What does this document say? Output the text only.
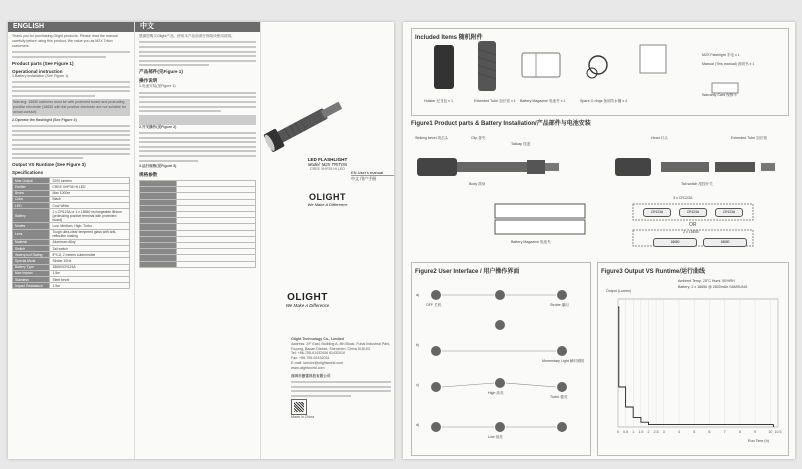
ENGLISH
Thank you for purchasing Olight products. Please read the manual carefully before using this product. We value you as M2X Triton customers.
Product parts (See Figure 1)
Operational instruction
1.Battery installation (See Figure 1)
Warning: 18650 batteries must be with protected board and protruding positive electrode (18650 with flat positive electrode are not suitable for actual contact).
2.Operate the flashlight (See Figure 2)
Output VS Runtime (See Figure 3)
Specifications
Max Output	2200 lumens
Emitter	CREE XHP35 HI LED
Beam	Max 1000m
Color	Black
LED	Cool White
Battery	2 x CR123A or 1 x 18650 rechargeable lithium (protruding positive terminal with protected board)
Modes	Low, Medium, High, Turbo
Lens	Tough ultra-clear tempered glass with anti-reflective coating
Material	Aluminum Alloy
Switch	Tail switch
Waterproof Rating	IPX-8, 2 meters submersible
Special Mode	Strobe 10Hz
Battery Type	18650/CR123A
Max Impact	1.5m
Stainless	Steel bezel
Impact Resistance	1.5m
中文
感谢您购买Olight产品，使用本产品前请仔细阅读使用说明。
产品部件(见Figure 1)
操作说明
1.电池安装(见Figure 1)
2.开关操作(见Figure 2)
3.运行规格(见Figure 3)
规格参数

LED FLASHLIGHT
Model: M2X TRITON
CREE XHP35 HI LED
OLIGHT
We Make A Difference
EN User's manual
中文 用户手册
OLIGHT
We Make A Difference
Olight Technology Co., Limited
Address: 2/F East, Building A, 8th Block, Fuhai Industrial Park, Fuyong, Baoan District, Shenzhen, China 518103
Tel: +86-755-61432006 61432010
Fax: +86-755-61432031
E-mail: service@olightworld.com
www.olightworld.com
深圳市傲雷科技有限公司
Made in China
Included Items 随机附件
Holster 尼龙包 x 1	Extended Tube 加长管 x 1 Battery Magazine 电池夹 x 1	Spare O-rings 备用防水圈 x 4
M2X Flashlight 手电 x 1
Manual (This manual) 说明书 x 1
Warranty Card 保修卡
Figure1 Product parts & Battery Installation/产品部件与电池安装
Striking bezel 攻击头	Head 灯头
Clip 背夹
Tail switch 尾按开关
Body 筒身
Tailcap 尾盖
Extended Tube 加长管
Battery Magazine 电池夹
3 x CR123A
OR
2 x 18650
CR123A	CR123A	CR123A
18650	18650
Figure2 User Interface / 用户操作界面
a)
b)
c)
d)
OFF 关机	Strobe 爆闪
Momentary Light 瞬时照明
High 高亮
Turbo 极亮
Low 低亮
Figure3 Output VS Runtime/运行曲线
Ambient Temp. 25°C Humi. 50%RH
Battery: 2 x 18650 @ 2600mAh SAMSUNG
Output (Lumen)
Run Time (h)
0 0.5 1 1.5 2 2.5 3	4	5	6	7	8	9	10 10.5
